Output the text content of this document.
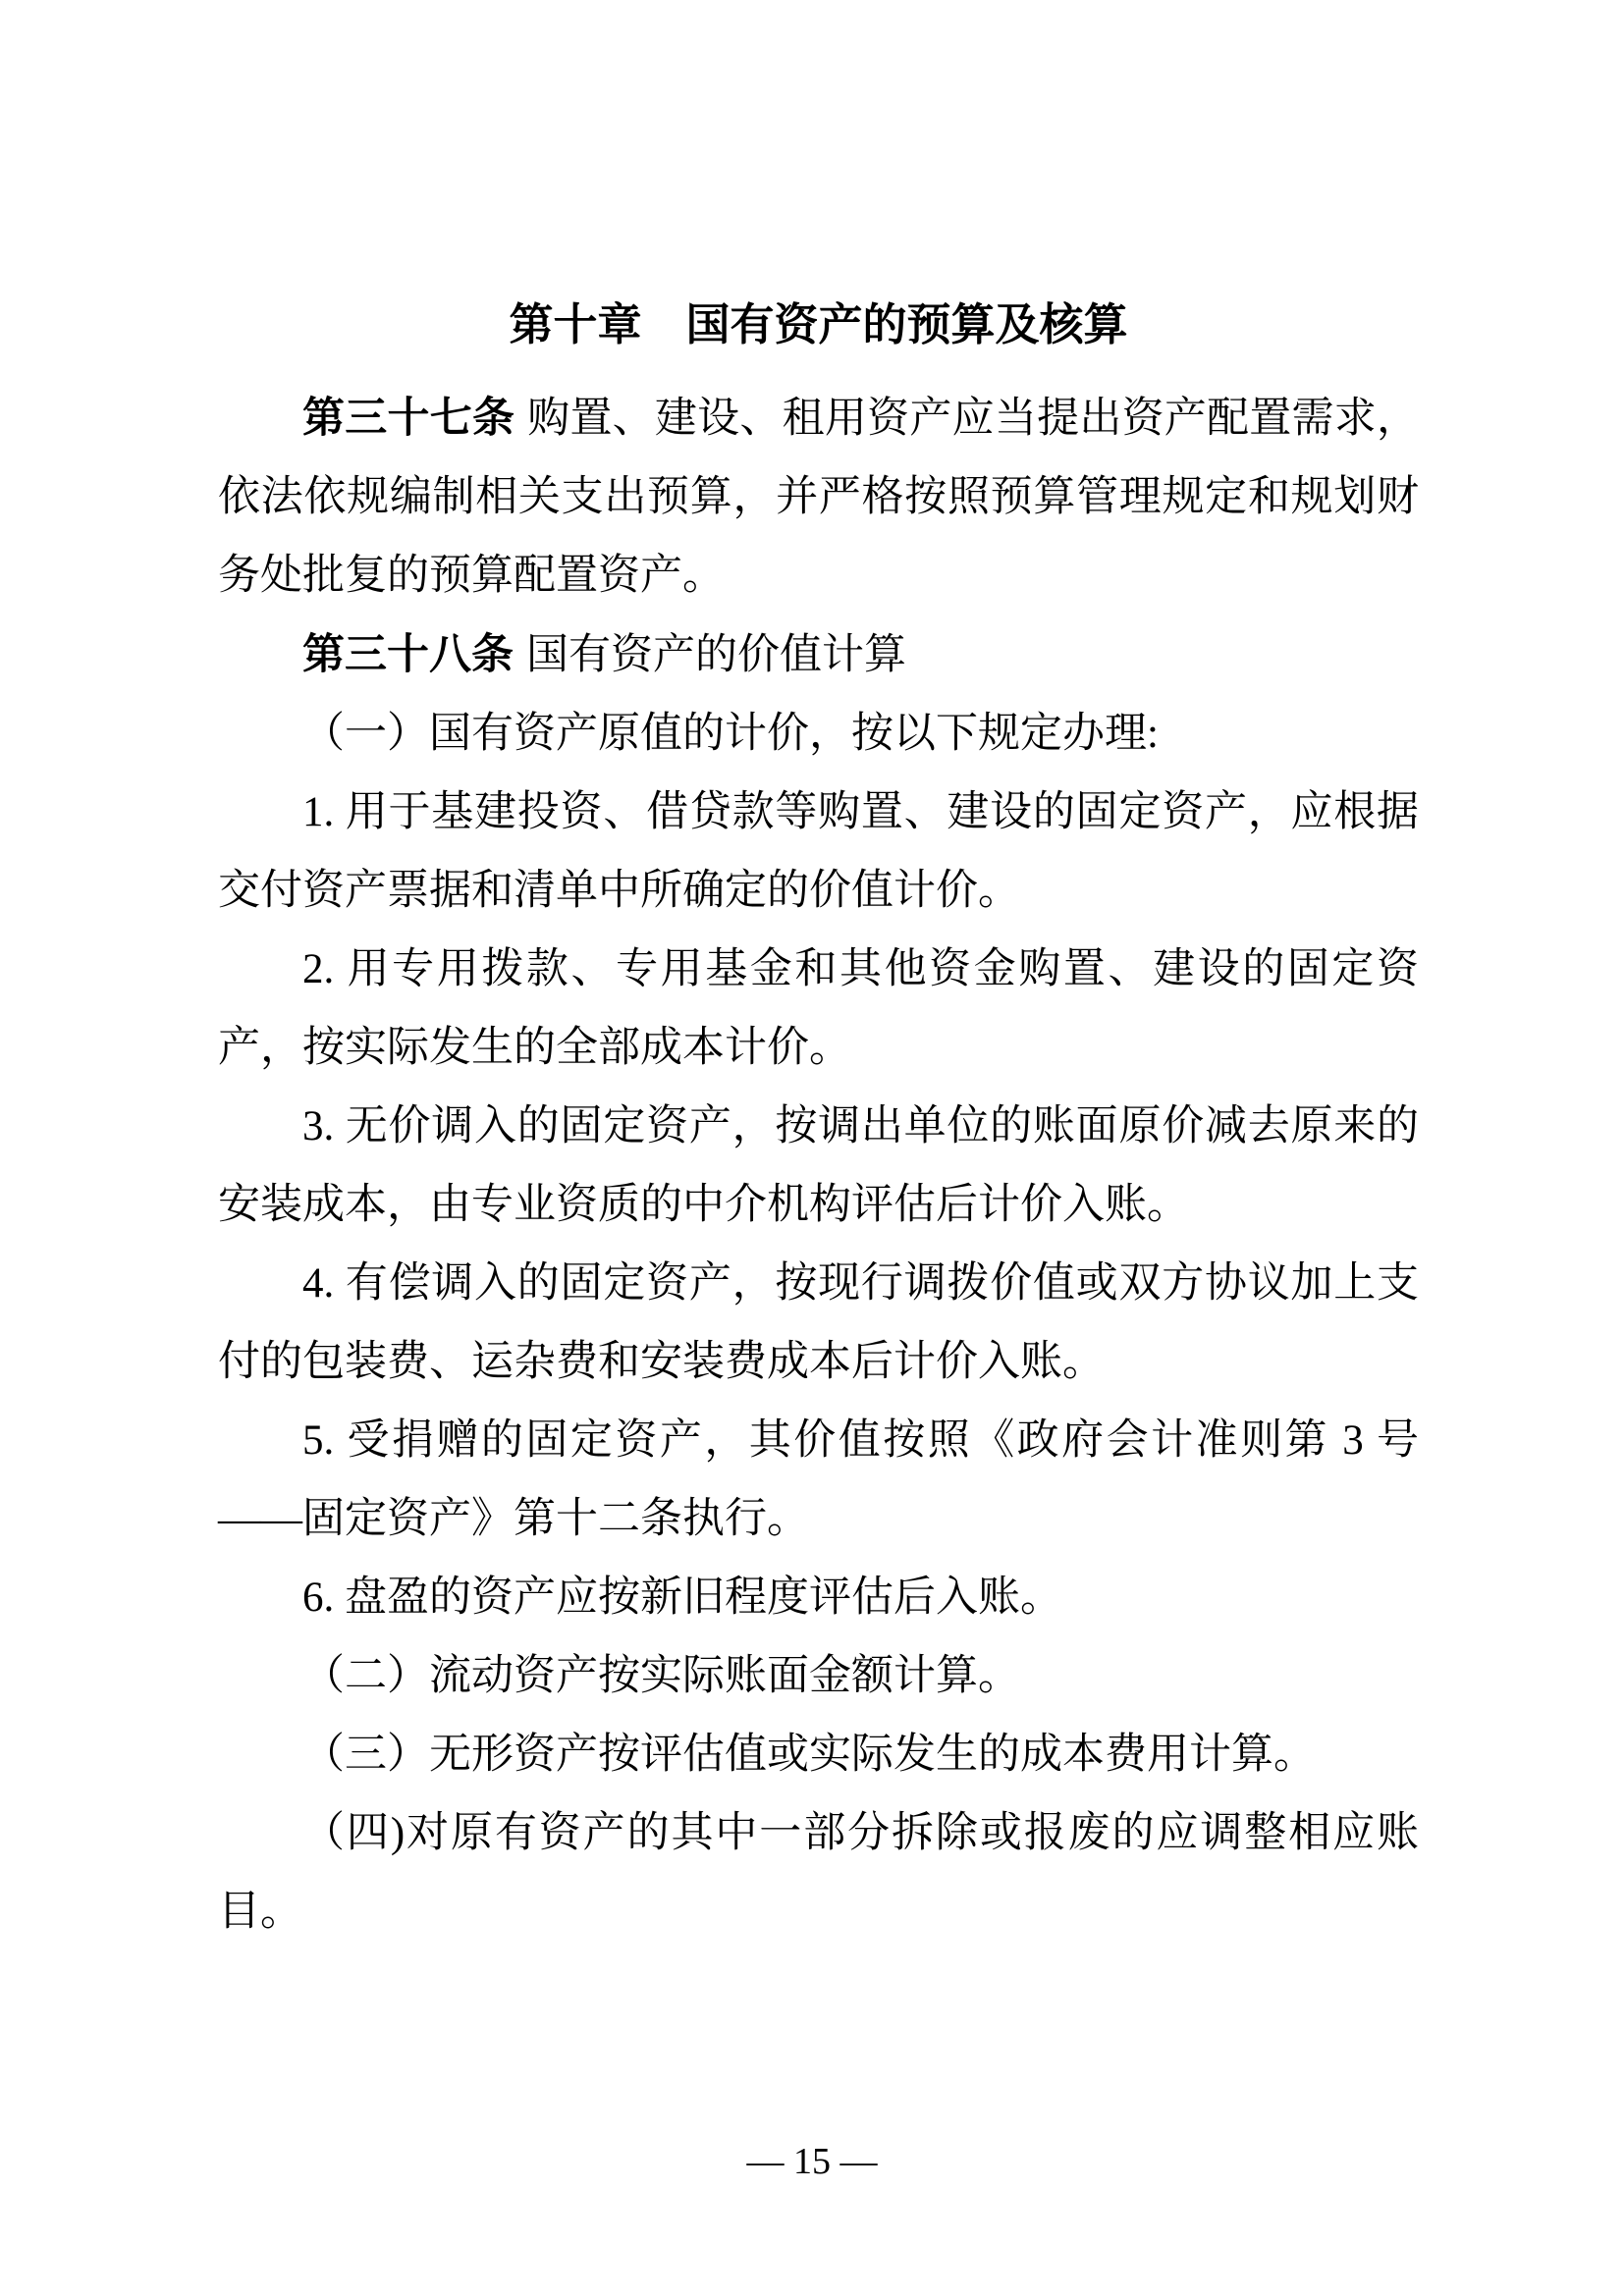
第十章　国有资产的预算及核算

第三十七条 购置、建设、租用资产应当提出资产配置需求，依法依规编制相关支出预算，并严格按照预算管理规定和规划财务处批复的预算配置资产。

第三十八条 国有资产的价值计算

（一）国有资产原值的计价，按以下规定办理:

1. 用于基建投资、借贷款等购置、建设的固定资产，应根据交付资产票据和清单中所确定的价值计价。

2. 用专用拨款、专用基金和其他资金购置、建设的固定资产，按实际发生的全部成本计价。

3. 无价调入的固定资产，按调出单位的账面原价减去原来的安装成本，由专业资质的中介机构评估后计价入账。

4. 有偿调入的固定资产，按现行调拨价值或双方协议加上支付的包装费、运杂费和安装费成本后计价入账。

5. 受捐赠的固定资产，其价值按照《政府会计准则第 3 号——固定资产》第十二条执行。

6. 盘盈的资产应按新旧程度评估后入账。

（二）流动资产按实际账面金额计算。

（三）无形资产按评估值或实际发生的成本费用计算。

（四)对原有资产的其中一部分拆除或报废的应调整相应账目。

— 15 —
